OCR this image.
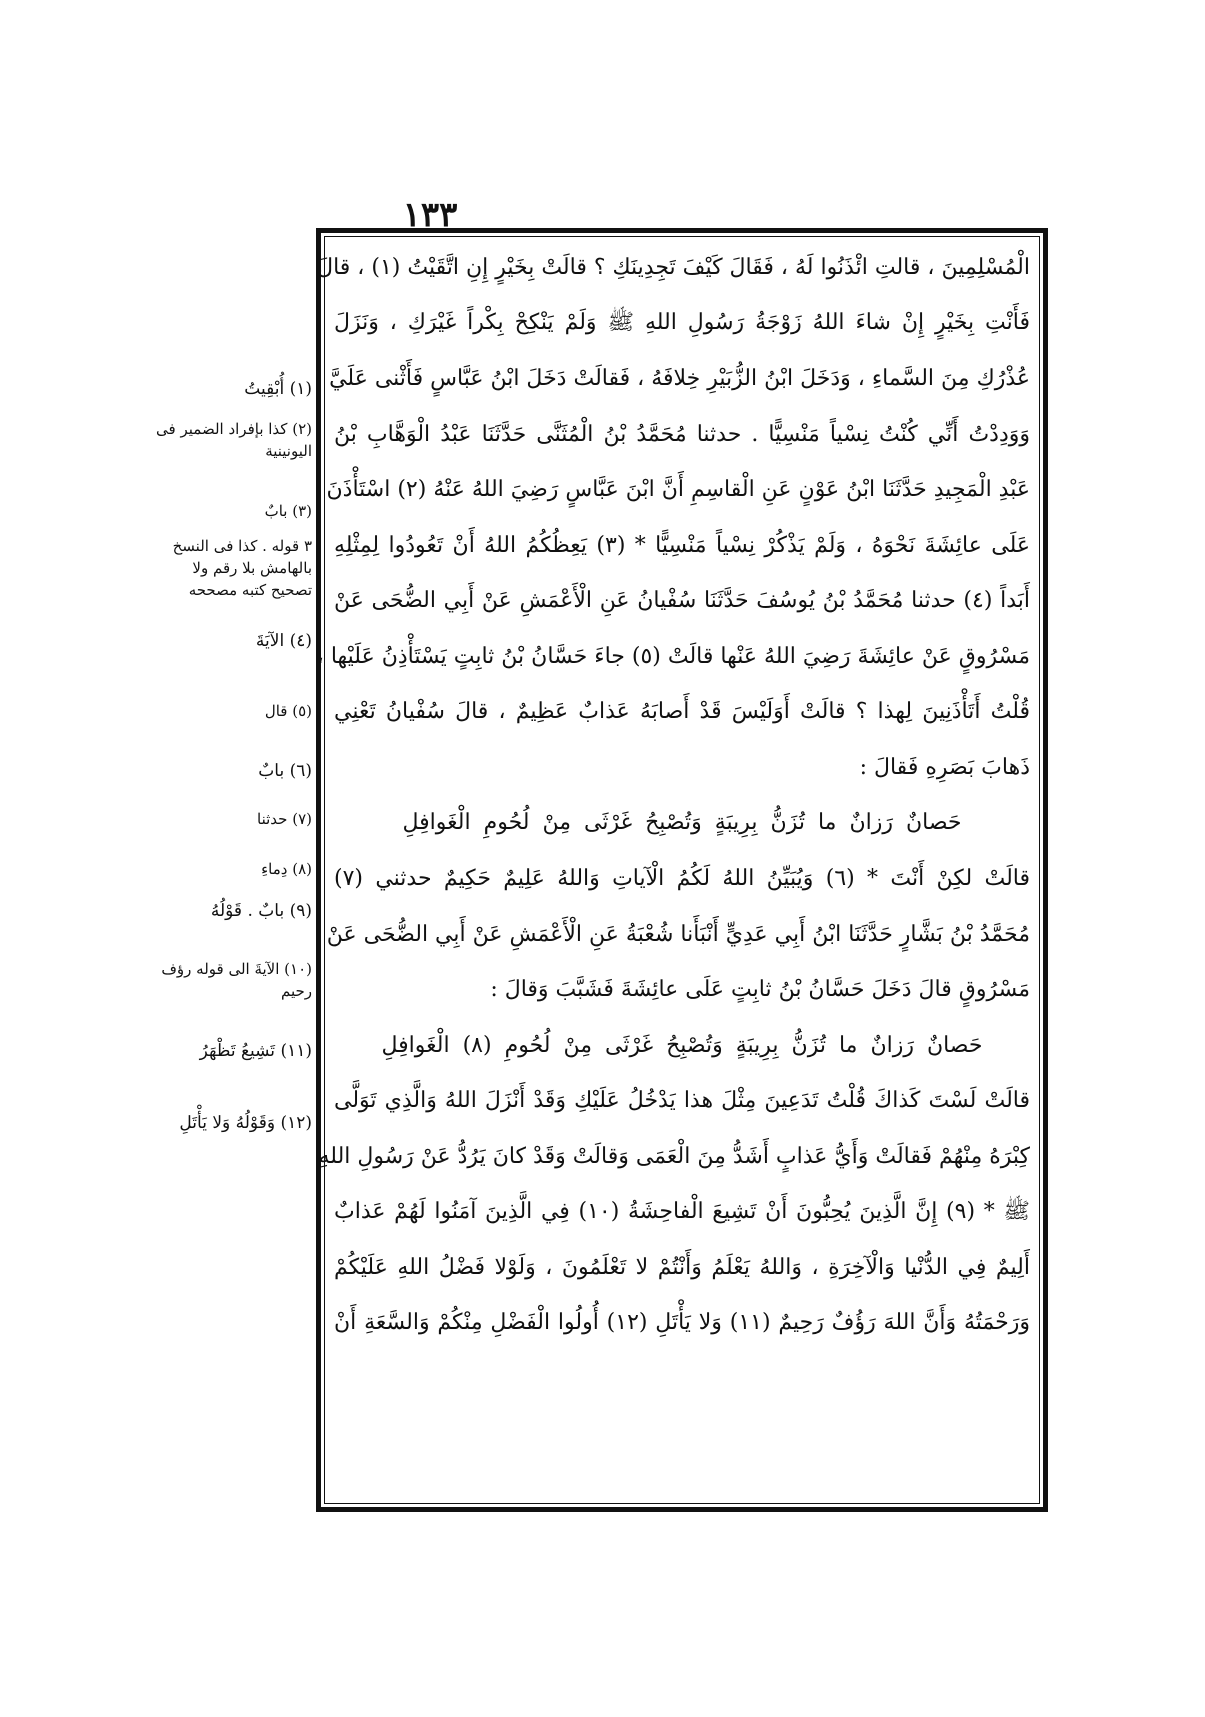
١٣٣
الْمُسْلِمِينَ ، قالتِ ائْذَنُوا لَهُ ، فَقَالَ كَيْفَ تَجِدِينَكِ ؟ قالَتْ بِخَيْرٍ إِنِ اتَّقَيْتُ (١) ، قالَ
فَأَنْتِ بِخَيْرٍ إِنْ شاءَ اللهُ زَوْجَةُ رَسُولِ اللهِ ﷺ وَلَمْ يَنْكِحْ بِكْراً غَيْرَكِ ، وَنَزَلَ
عُذْرُكِ مِنَ السَّماءِ ، وَدَخَلَ ابْنُ الزُّبَيْرِ خِلافَهُ ، فَقالَتْ دَخَلَ ابْنُ عَبَّاسٍ فَأَثْنى عَلَيَّ
وَوَدِدْتُ أَنِّي كُنْتُ نِسْياً مَنْسِيًّا . حدثنا مُحَمَّدُ بْنُ الْمُثَنَّى حَدَّثَنَا عَبْدُ الْوَهَّابِ بْنُ
عَبْدِ الْمَجِيدِ حَدَّثَنَا ابْنُ عَوْنٍ عَنِ الْقاسِمِ أَنَّ ابْنَ عَبَّاسٍ رَضِيَ اللهُ عَنْهُ (٢) اسْتَأْذَنَ
عَلَى عائِشَةَ نَحْوَهُ ، وَلَمْ يَذْكُرْ نِسْياً مَنْسِيًّا * (٣) يَعِظُكُمُ اللهُ أَنْ تَعُودُوا لِمِثْلِهِ
أَبَداً (٤) حدثنا مُحَمَّدُ بْنُ يُوسُفَ حَدَّثَنَا سُفْيانُ عَنِ الْأَعْمَشِ عَنْ أَبِي الضُّحَى عَنْ
مَسْرُوقٍ عَنْ عائِشَةَ رَضِيَ اللهُ عَنْها قالَتْ (٥) جاءَ حَسَّانُ بْنُ ثابِتٍ يَسْتَأْذِنُ عَلَيْها ،
قُلْتُ أَتَأْذَنِينَ لِهذا ؟ قالَتْ أَوَلَيْسَ قَدْ أَصابَهُ عَذابٌ عَظِيمٌ ، قالَ سُفْيانُ تَعْنِي
ذَهابَ بَصَرِهِ فَقالَ :
حَصانٌ رَزانٌ ما تُزَنُّ بِرِيبَةٍ وَتُصْبِحُ غَرْثَى مِنْ لُحُومِ الْغَوافِلِ
قالَتْ لكِنْ أَنْتَ * (٦) وَيُبَيِّنُ اللهُ لَكُمُ الْآياتِ وَاللهُ عَلِيمٌ حَكِيمٌ حدثني (٧)
مُحَمَّدُ بْنُ بَشَّارٍ حَدَّثَنَا ابْنُ أَبِي عَدِيٍّ أَنْبَأَنا شُعْبَةُ عَنِ الْأَعْمَشِ عَنْ أَبِي الضُّحَى عَنْ
مَسْرُوقٍ قالَ دَخَلَ حَسَّانُ بْنُ ثابِتٍ عَلَى عائِشَةَ فَشَبَّبَ وَقالَ :
حَصانٌ رَزانٌ ما تُزَنُّ بِرِيبَةٍ وَتُصْبِحُ غَرْثَى مِنْ لُحُومِ (٨) الْغَوافِلِ
قالَتْ لَسْتَ كَذاكَ قُلْتُ تَدَعِينَ مِثْلَ هذا يَدْخُلُ عَلَيْكِ وَقَدْ أَنْزَلَ اللهُ وَالَّذِي تَوَلَّى
كِبْرَهُ مِنْهُمْ فَقالَتْ وَأَيُّ عَذابٍ أَشَدُّ مِنَ الْعَمَى وَقالَتْ وَقَدْ كانَ يَرُدُّ عَنْ رَسُولِ اللهِ
ﷺ * (٩) إِنَّ الَّذِينَ يُحِبُّونَ أَنْ تَشِيعَ الْفاحِشَةُ (١٠) فِي الَّذِينَ آمَنُوا لَهُمْ عَذابٌ
أَلِيمٌ فِي الدُّنْيا وَالْآخِرَةِ ، وَاللهُ يَعْلَمُ وَأَنْتُمْ لا تَعْلَمُونَ ، وَلَوْلا فَضْلُ اللهِ عَلَيْكُمْ
وَرَحْمَتُهُ وَأَنَّ اللهَ رَؤُفٌ رَحِيمٌ (١١) وَلا يَأْتَلِ (١٢) أُولُوا الْفَضْلِ مِنْكُمْ وَالسَّعَةِ أَنْ
(١) أُبْقِيتُ
(٢) كذا بإفراد الضمير فى اليونينية
(٣) بابٌ
٣ قوله . كذا فى النسخ بالهامش بلا رقم ولا تصحيح كتبه مصححه
(٤) الآيَةَ
(٥) قال
(٦) بابٌ
(٧) حدثنا
(٨) دِماءِ
(٩) بابٌ . قَوْلُهُ
(١٠) الآيةَ الى قوله رؤف رحيم
(١١) تَشِيعُ تَظْهَرُ
(١٢) وَقَوْلُهُ وَلا يَأْتَلِ
